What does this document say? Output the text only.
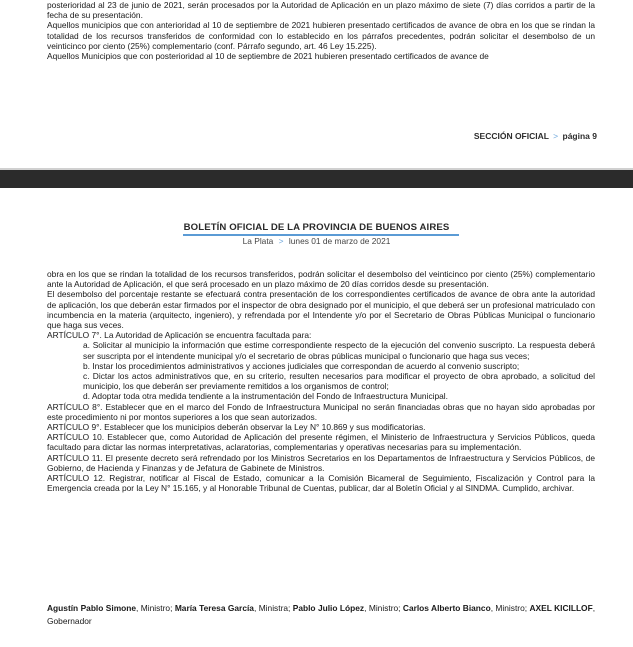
posterioridad al 23 de junio de 2021, serán procesados por la Autoridad de Aplicación en un plazo máximo de siete (7) días corridos a partir de la fecha de su presentación.

Aquellos municipios que con anterioridad al 10 de septiembre de 2021 hubieren presentado certificados de avance de obra en los que se rindan la totalidad de los recursos transferidos de conformidad con lo establecido en los párrafos precedentes, podrán solicitar el desembolso de un veinticinco por ciento (25%) complementario (conf. Párrafo segundo, art. 46 Ley 15.225).

Aquellos Municipios que con posterioridad al 10 de septiembre de 2021 hubieren presentado certificados de avance de

SECCIÓN OFICIAL > página 9
BOLETÍN OFICIAL DE LA PROVINCIA DE BUENOS AIRES
La Plata > lunes 01 de marzo de 2021

obra en los que se rindan la totalidad de los recursos transferidos, podrán solicitar el desembolso del veinticinco por ciento (25%) complementario ante la Autoridad de Aplicación, el que será procesado en un plazo máximo de 20 días corridos desde su presentación.

El desembolso del porcentaje restante se efectuará contra presentación de los correspondientes certificados de avance de obra ante la autoridad de aplicación, los que deberán estar firmados por el inspector de obra designado por el municipio, el que deberá ser un profesional matriculado con incumbencia en la materia (arquitecto, ingeniero), y refrendada por el Intendente y/o por el Secretario de Obras Públicas Municipal o funcionario que haga sus veces.

ARTÍCULO 7°. La Autoridad de Aplicación se encuentra facultada para:

a. Solicitar al municipio la información que estime correspondiente respecto de la ejecución del convenio suscripto. La respuesta deberá ser suscripta por el intendente municipal y/o el secretario de obras públicas municipal o funcionario que haga sus veces;

b. Instar los procedimientos administrativos y acciones judiciales que correspondan de acuerdo al convenio suscripto;

c. Dictar los actos administrativos que, en su criterio, resulten necesarios para modificar el proyecto de obra aprobado, a solicitud del municipio, los que deberán ser previamente remitidos a los organismos de control;

d. Adoptar toda otra medida tendiente a la instrumentación del Fondo de Infraestructura Municipal.

ARTÍCULO 8°. Establecer que en el marco del Fondo de Infraestructura Municipal no serán financiadas obras que no hayan sido aprobadas por este procedimiento ni por montos superiores a los que sean autorizados.

ARTÍCULO 9°. Establecer que los municipios deberán observar la Ley N° 10.869 y sus modificatorias.

ARTÍCULO 10. Establecer que, como Autoridad de Aplicación del presente régimen, el Ministerio de Infraestructura y Servicios Públicos, queda facultado para dictar las normas interpretativas, aclaratorias, complementarias y operativas necesarias para su implementación.

ARTÍCULO 11. El presente decreto será refrendado por los Ministros Secretarios en los Departamentos de Infraestructura y Servicios Públicos, de Gobierno, de Hacienda y Finanzas y de Jefatura de Gabinete de Ministros.

ARTÍCULO 12. Registrar, notificar al Fiscal de Estado, comunicar a la Comisión Bicameral de Seguimiento, Fiscalización y Control para la Emergencia creada por la Ley N° 15.165, y al Honorable Tribunal de Cuentas, publicar, dar al Boletín Oficial y al SINDMA. Cumplido, archivar.

Agustín Pablo Simone, Ministro; María Teresa García, Ministra; Pablo Julio López, Ministro; Carlos Alberto Bianco, Ministro; AXEL KICILLOF, Gobernador
